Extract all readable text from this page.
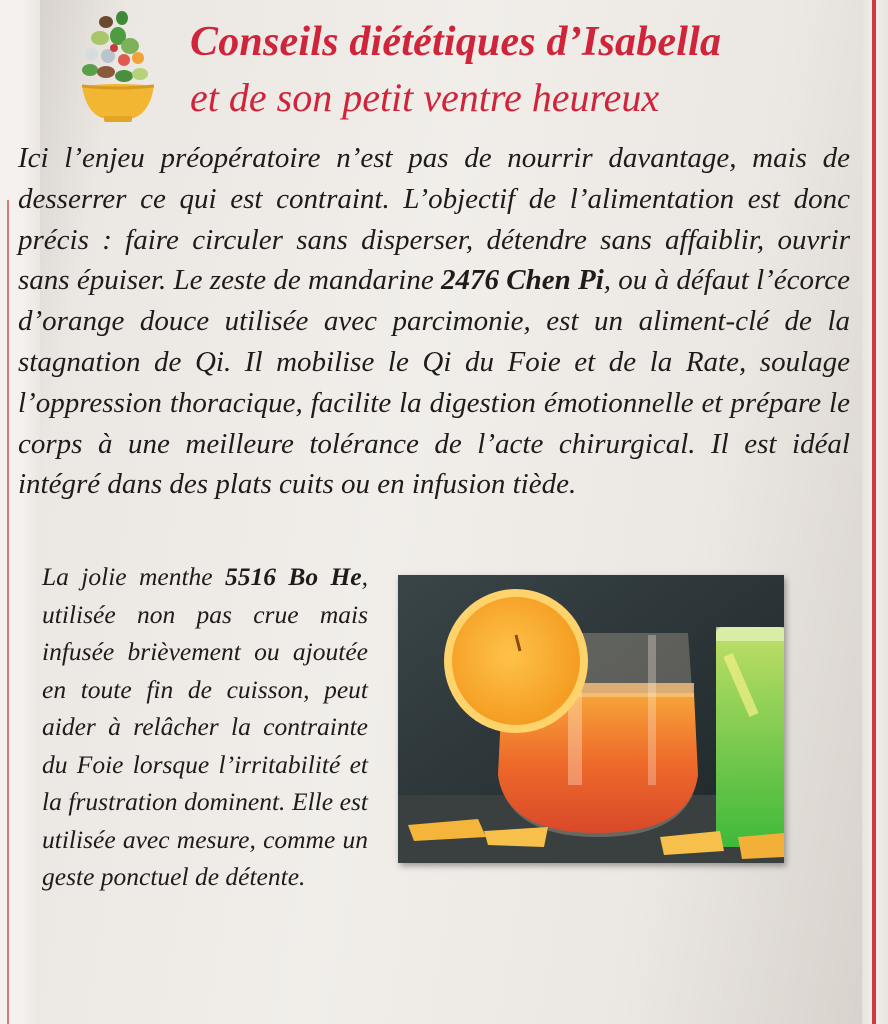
Conseils diététiques d’Isabella
et de son petit ventre heureux
Ici l’enjeu préopératoire n’est pas de nourrir davantage, mais de desserrer ce qui est contraint. L’objectif de l’alimentation est donc précis : faire circuler sans disperser, détendre sans affaiblir, ouvrir sans épuiser. Le zeste de mandarine 2476 Chen Pi, ou à défaut l’écorce d’orange douce utilisée avec parcimonie, est un aliment-clé de la stagnation de Qi. Il mobilise le Qi du Foie et de la Rate, soulage l’oppression thoracique, facilite la digestion émotionnelle et prépare le corps à une meilleure tolérance de l’acte chirurgical. Il est idéal intégré dans des plats cuits ou en infusion tiède.
La jolie menthe 5516 Bo He, utilisée non pas crue mais infusée brièvement ou ajoutée en toute fin de cuisson, peut aider à relâcher la contrainte du Foie lorsque l’irritabilité et la frustration dominent. Elle est utilisée avec mesure, comme un geste ponctuel de détente.
